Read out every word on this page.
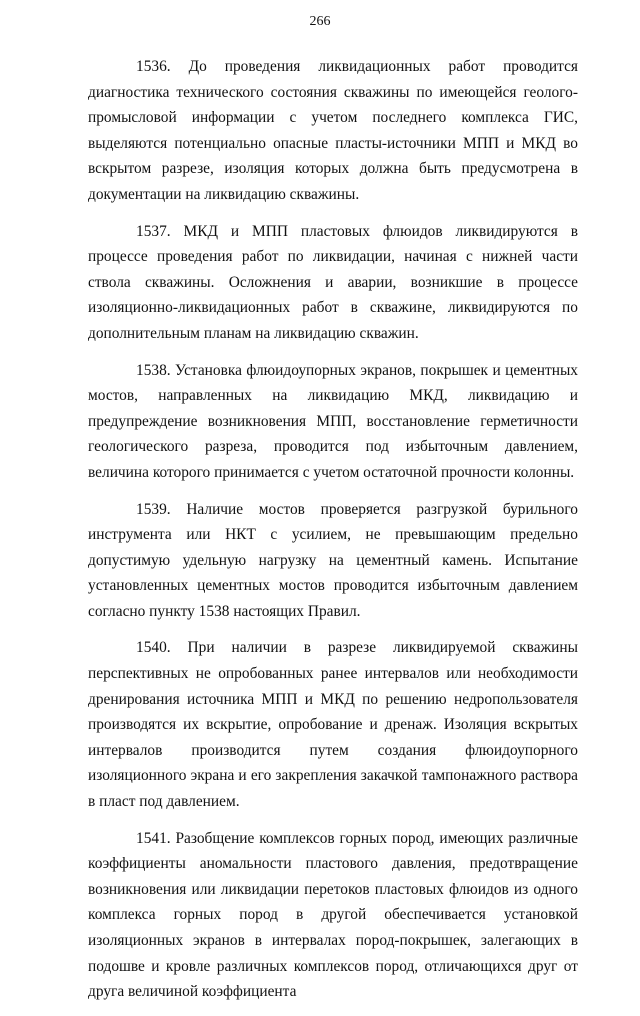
266

1536. До проведения ликвидационных работ проводится диагностика технического состояния скважины по имеющейся геолого-промысловой информации с учетом последнего комплекса ГИС, выделяются потенциально опасные пласты-источники МПП и МКД во вскрытом разрезе, изоляция которых должна быть предусмотрена в документации на ликвидацию скважины.

1537. МКД и МПП пластовых флюидов ликвидируются в процессе проведения работ по ликвидации, начиная с нижней части ствола скважины. Осложнения и аварии, возникшие в процессе изоляционно-ликвидационных работ в скважине, ликвидируются по дополнительным планам на ликвидацию скважин.

1538. Установка флюидоупорных экранов, покрышек и цементных мостов, направленных на ликвидацию МКД, ликвидацию и предупреждение возникновения МПП, восстановление герметичности геологического разреза, проводится под избыточным давлением, величина которого принимается с учетом остаточной прочности колонны.

1539. Наличие мостов проверяется разгрузкой бурильного инструмента или НКТ с усилием, не превышающим предельно допустимую удельную нагрузку на цементный камень. Испытание установленных цементных мостов проводится избыточным давлением согласно пункту 1538 настоящих Правил.

1540. При наличии в разрезе ликвидируемой скважины перспективных не опробованных ранее интервалов или необходимости дренирования источника МПП и МКД по решению недропользователя производятся их вскрытие, опробование и дренаж. Изоляция вскрытых интервалов производится путем создания флюидоупорного изоляционного экрана и его закрепления закачкой тампонажного раствора в пласт под давлением.

1541. Разобщение комплексов горных пород, имеющих различные коэффициенты аномальности пластового давления, предотвращение возникновения или ликвидации перетоков пластовых флюидов из одного комплекса горных пород в другой обеспечивается установкой изоляционных экранов в интервалах пород-покрышек, залегающих в подошве и кровле различных комплексов пород, отличающихся друг от друга величиной коэффициента
